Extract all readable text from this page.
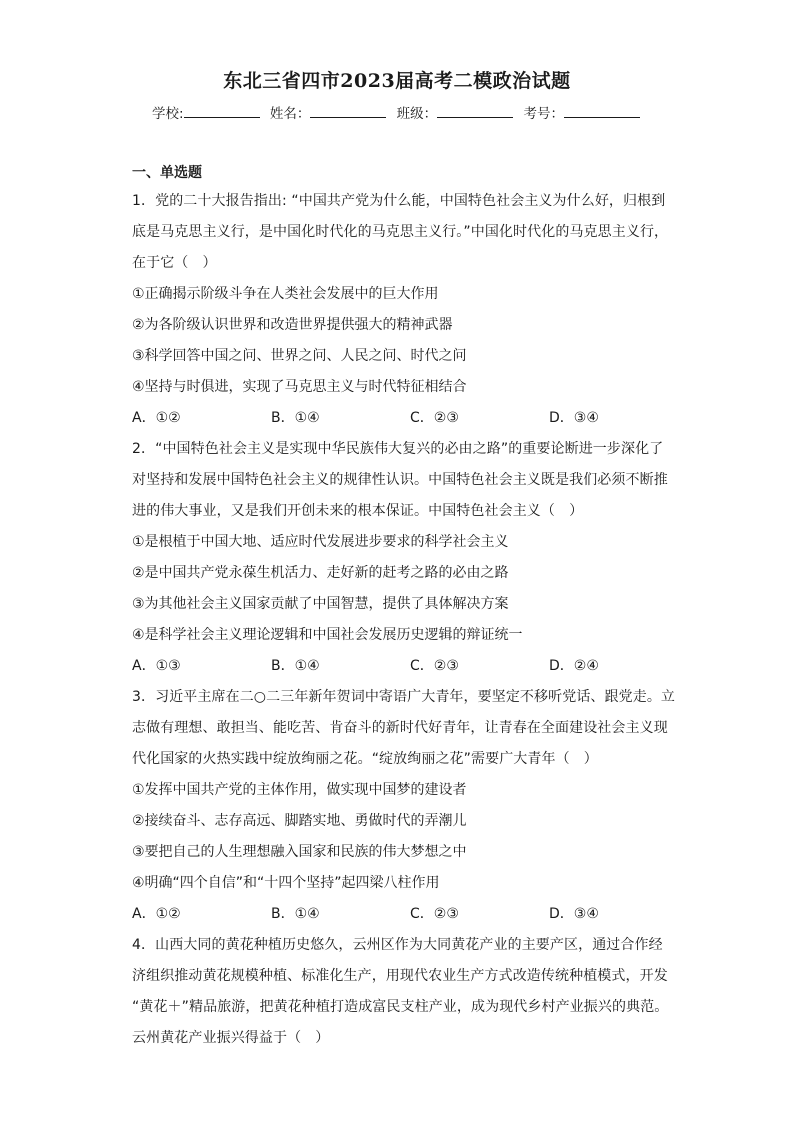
东北三省四市2023届高考二模政治试题
学校:	姓名：	班级：	考号：
一、单选题
1．党的二十大报告指出: “中国共产党为什么能，中国特色社会主义为什么好，归根到
底是马克思主义行，是中国化时代化的马克思主义行。”中国化时代化的马克思主义行，
在于它（　）
①正确揭示阶级斗争在人类社会发展中的巨大作用
②为各阶级认识世界和改造世界提供强大的精神武器
③科学回答中国之问、世界之问、人民之问、时代之问
④坚持与时俱进，实现了马克思主义与时代特征相结合
A．①②	B．①④	C．②③	D．③④
2．“中国特色社会主义是实现中华民族伟大复兴的必由之路”的重要论断进一步深化了
对坚持和发展中国特色社会主义的规律性认识。中国特色社会主义既是我们必须不断推
进的伟大事业，又是我们开创未来的根本保证。中国特色社会主义（　）
①是根植于中国大地、适应时代发展进步要求的科学社会主义
②是中国共产党永葆生机活力、走好新的赶考之路的必由之路
③为其他社会主义国家贡献了中国智慧，提供了具体解决方案
④是科学社会主义理论逻辑和中国社会发展历史逻辑的辩证统一
A．①③	B．①④	C．②③	D．②④
3．习近平主席在二○二三年新年贺词中寄语广大青年，要坚定不移听党话、跟党走。立
志做有理想、敢担当、能吃苦、肯奋斗的新时代好青年，让青春在全面建设社会主义现
代化国家的火热实践中绽放绚丽之花。“绽放绚丽之花”需要广大青年（　）
①发挥中国共产党的主体作用，做实现中国梦的建设者
②接续奋斗、志存高远、脚踏实地、勇做时代的弄潮儿
③要把自己的人生理想融入国家和民族的伟大梦想之中
④明确“四个自信”和“十四个坚持”起四梁八柱作用
A．①②	B．①④	C．②③	D．③④
4．山西大同的黄花种植历史悠久，云州区作为大同黄花产业的主要产区，通过合作经
济组织推动黄花规模种植、标准化生产，用现代农业生产方式改造传统种植模式，开发
“黄花＋”精品旅游，把黄花种植打造成富民支柱产业，成为现代乡村产业振兴的典范。
云州黄花产业振兴得益于（　）
